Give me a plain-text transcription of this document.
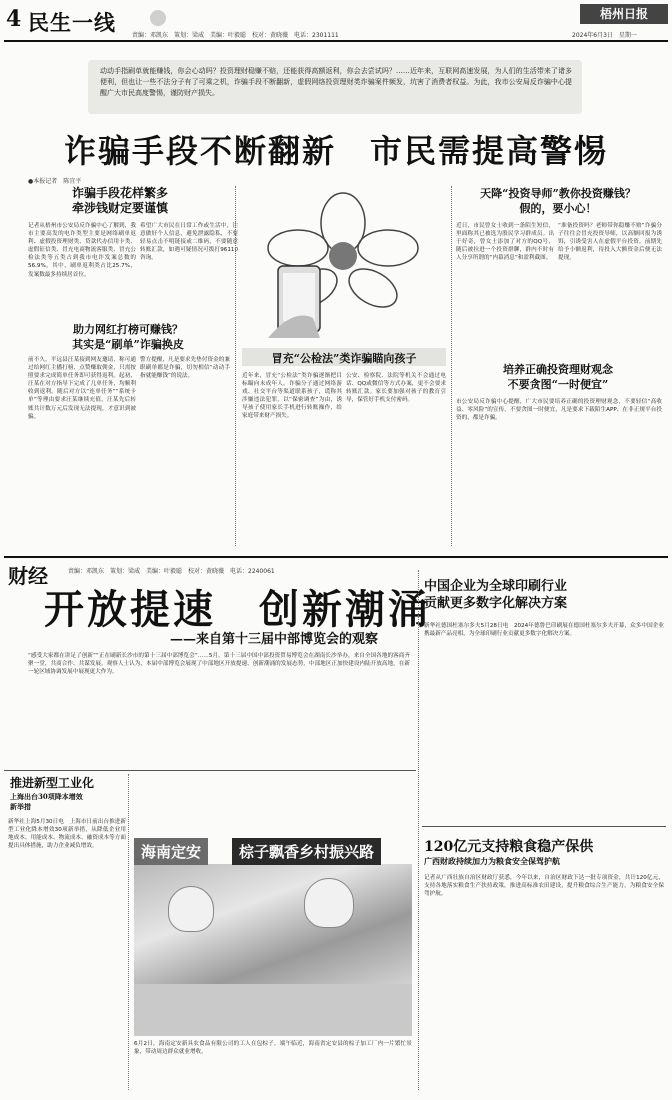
4 民生一线
责编：邓凯东　策划：梁威　美编：叶毅聪　校对：黄晓薇　电话：2301111
梧州日报
2024年6月3日　星期一

动动手指刷单就能赚钱，你会心动吗？投资理财稳赚不赔，还能获得高额返利，你会去尝试吗？……近年来，互联网高速发展，为人们的生活带来了诸多便利，但也让一些不法分子有了可乘之机，诈骗手段不断翻新，虚假网络投资理财类诈骗案件频发，坑害了消费者权益。为此，我市公安局反诈骗中心提醒广大市民高度警惕，谨防财产损失。

诈骗手段不断翻新　市民需提高警惕
●本报记者　陈宜平
诈骗手段花样繁多
牵涉钱财定要谨慎

记者从梧州市公安局反诈骗中心了解到，我市主要高发的电诈类型主要是网络刷单返利、虚假投资理财类、贷款代办信用卡类、虚假征信类、冒充电商物流客服类、冒充公检法类等五类占到我市电诈发案总数的56.9%。其中，刷单返利类占比25.7%，发案数最多持续居首位。

希望广大市民在日常工作或生活中，注意做好个人信息，避免泄露隐私，不要轻易点击不明链接或二维码，不要随意转账汇款，如遇可疑情况可拨打96110咨询。

助力网红打榜可赚钱？
其实是“刷单”诈骗换皮

前不久，平远县汪某接到网友邀请，称可通过给网红主播打榜、点赞赚取佣金，只需按照要求完成简单任务即可获得返利。起初，汪某在对方指导下完成了几单任务，均顺利收到返利。随后对方以“连单任务”“系统卡单”等理由要求汪某继续充值，汪某先后转账共计数万元后发现无法提现，才意识到被骗。

警方提醒，凡是要求先垫付资金的兼职刷单都是诈骗，切勿相信“动动手指就能赚钱”的说法。

冒充“公检法”类诈骗瞄向孩子

近年来，冒充“公检法”类诈骗逐渐把目标瞄向未成年人。诈骗分子通过网络游戏、社交平台等渠道联系孩子，谎称其涉嫌违法犯罪，以“保密调查”为由，诱导孩子使用家长手机进行转账操作，给家庭带来财产损失。

公安、检察院、法院等机关不会通过电话、QQ或微信等方式办案，更不会要求转账汇款。家长要加强对孩子的教育引导，保管好手机支付密码。

天降“投资导师”教你投资赚钱？
假的，要小心！

近日，市民曾女士收到一条陌生短信，里面称其已被选为股民学习群成员。出于好奇，曾女士添加了对方的QQ号，随后被拉进一个投资群聊，群内不时有人分享所谓的“内幕消息”和盈利截图。

“准备投资吗？老师带你稳赚不赔”诈骗分子往往会冒充投资导师，以高额回报为诱饵，引诱受害人在虚假平台投资，前期先给予小额返利，待投入大额资金后便无法提现。

培养正确投资理财观念
不要贪图“一时便宜”

市公安局反诈骗中心提醒，广大市民要培养正确的投资理财观念，不要轻信“高收益、零风险”的宣传，不要贪图一时便宜，凡是要求下载陌生APP、在非正规平台投资的，都是诈骗。

财经	责编：邓凯东　策划：梁威　美编：叶毅聪　校对：黄晓薇　电话：2240061
开放提速　创新潮涌
——来自第十三届中部博览会的观察

“感受大家都在讲足了创新”“正在刷新长沙市的第十三届中部博览会”……5月，第十三届中国中部投资贸易博览会在湖南长沙举办，来自全国各地的客商齐聚一堂，共商合作、共谋发展。观察人士认为，本届中部博览会展现了中部地区开放提速、创新潮涌的发展态势，中部地区正加快建设内陆开放高地，在新一轮区域协调发展中展现更大作为。

中国企业为全球印刷行业
贡献更多数字化解决方案

新华社德国杜塞尔多夫5月28日电　2024年德鲁巴印刷展在德国杜塞尔多夫开幕，众多中国企业携最新产品亮相，为全球印刷行业贡献更多数字化解决方案。

120亿元支持粮食稳产保供
广西财政持续加力为粮食安全保驾护航

记者从广西壮族自治区财政厅获悉，今年以来，自治区财政下达一批专项资金，共计120亿元，支持各地落实粮食生产扶持政策，推进高标准农田建设，提升粮食综合生产能力，为粮食安全保驾护航。

推进新型工业化
上海出台30项降本增效
新举措

新华社上海5月30日电　上海市日前出台推进新型工业化降本增效30项新举措，从降低企业用地成本、用能成本、物流成本、融资成本等方面提出具体措施，助力企业减负增效。	海南定安	棕子飘香乡村振兴路

6月2日，海南定安新具农食品有限公司的工人在包棕子。端午临近，海南省定安县的棕子加工厂内一片繁忙景象，带动周边群众就业增收。
